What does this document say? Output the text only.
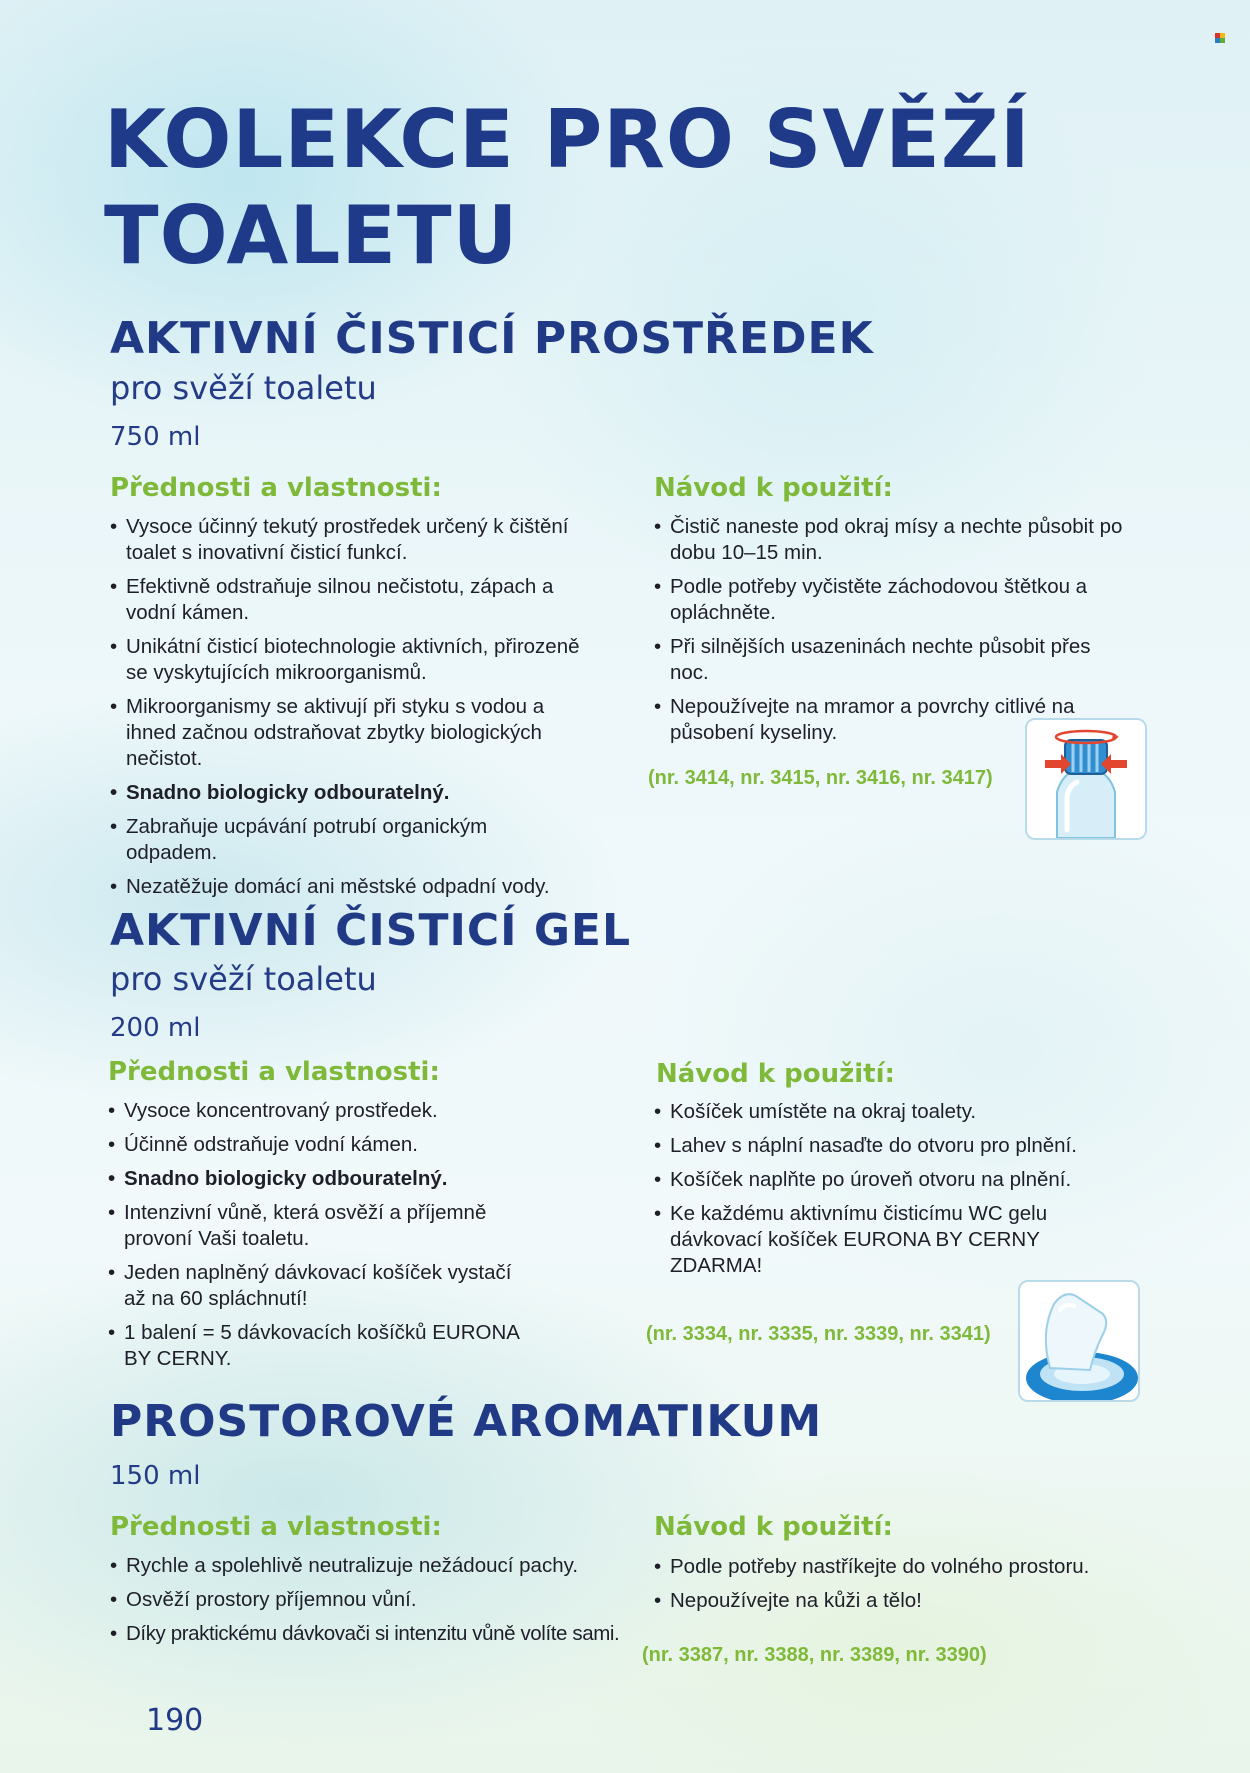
KOLEKCE PRO SVĚŽÍ
TOALETU
AKTIVNÍ ČISTICÍ PROSTŘEDEK
pro svěží toaletu
750 ml
Přednosti a vlastnosti:
• Vysoce účinný tekutý prostředek určený k čištění toalet s inovativní čisticí funkcí.
• Efektivně odstraňuje silnou nečistotu, zápach a vodní kámen.
• Unikátní čisticí biotechnologie aktivních, přirozeně se vyskytujících mikroorganismů.
• Mikroorganismy se aktivují při styku s vodou a ihned začnou odstraňovat zbytky biologických nečistot.
• Snadno biologicky odbouratelný.
• Zabraňuje ucpávání potrubí organickým odpadem.
• Nezatěžuje domácí ani městské odpadní vody.
Návod k použití:
• Čistič naneste pod okraj mísy a nechte působit po dobu 10–15 min.
• Podle potřeby vyčistěte záchodovou štětkou a opláchněte.
• Při silnějších usazeninách nechte působit přes noc.
• Nepoužívejte na mramor a povrchy citlivé na působení kyseliny.
(nr. 3414, nr. 3415, nr. 3416, nr. 3417)
AKTIVNÍ ČISTICÍ GEL
pro svěží toaletu
200 ml
Přednosti a vlastnosti:
• Vysoce koncentrovaný prostředek.
• Účinně odstraňuje vodní kámen.
• Snadno biologicky odbouratelný.
• Intenzivní vůně, která osvěží a příjemně provoní Vaši toaletu.
• Jeden naplněný dávkovací košíček vystačí až na 60 spláchnutí!
• 1 balení = 5 dávkovacích košíčků EURONA BY CERNY.
Návod k použití:
• Košíček umístěte na okraj toalety.
• Lahev s náplní nasaďte do otvoru pro plnění.
• Košíček naplňte po úroveň otvoru na plnění.
• Ke každému aktivnímu čisticímu WC gelu dávkovací košíček EURONA BY CERNY ZDARMA!
(nr. 3334, nr. 3335, nr. 3339, nr. 3341)
PROSTOROVÉ AROMATIKUM
150 ml
Přednosti a vlastnosti:
• Rychle a spolehlivě neutralizuje nežádoucí pachy.
• Osvěží prostory příjemnou vůní.
• Díky praktickému dávkovači si intenzitu vůně volíte sami.
Návod k použití:
• Podle potřeby nastříkejte do volného prostoru.
• Nepoužívejte na kůži a tělo!
(nr. 3387, nr. 3388, nr. 3389, nr. 3390)
190
